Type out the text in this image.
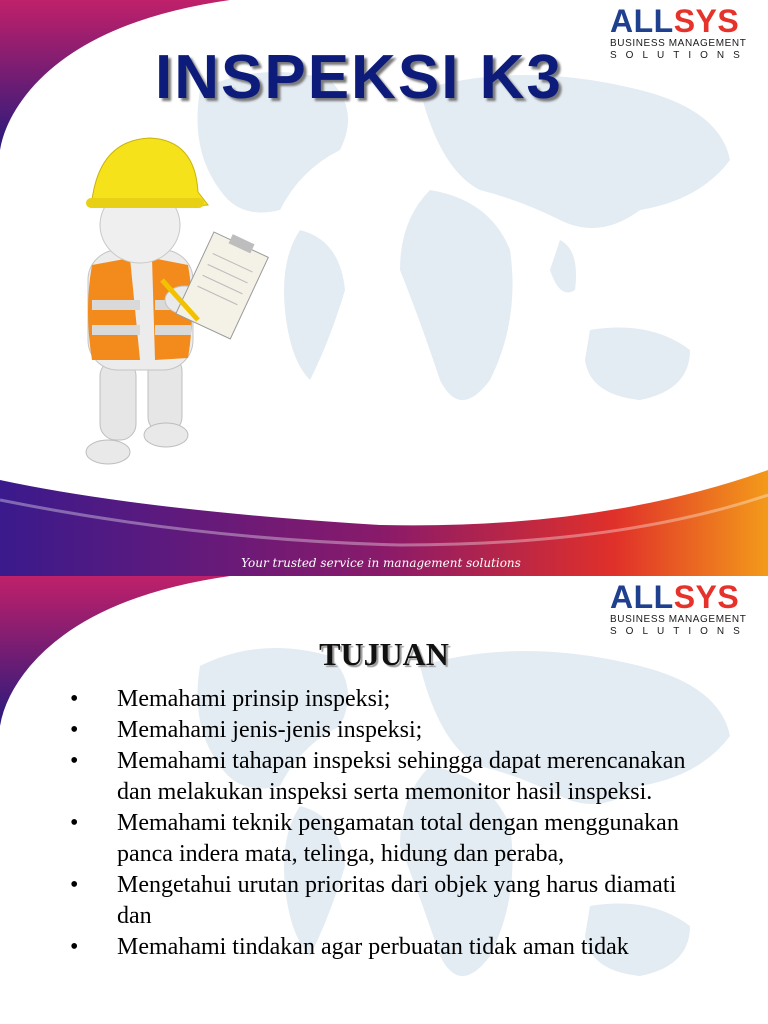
ALLSYS
BUSINESS MANAGEMENT
SOLUTIONS
INSPEKSI K3
Your trusted service in management solutions
ALLSYS
BUSINESS MANAGEMENT
SOLUTIONS
TUJUAN
• Memahami prinsip inspeksi;
• Memahami jenis-jenis inspeksi;
• Memahami tahapan inspeksi sehingga dapat merencanakan dan melakukan inspeksi serta memonitor hasil inspeksi.
• Memahami teknik pengamatan total dengan menggunakan panca indera mata, telinga, hidung dan peraba,
• Mengetahui urutan prioritas dari objek yang harus diamati dan
• Memahami tindakan agar perbuatan tidak aman tidak
